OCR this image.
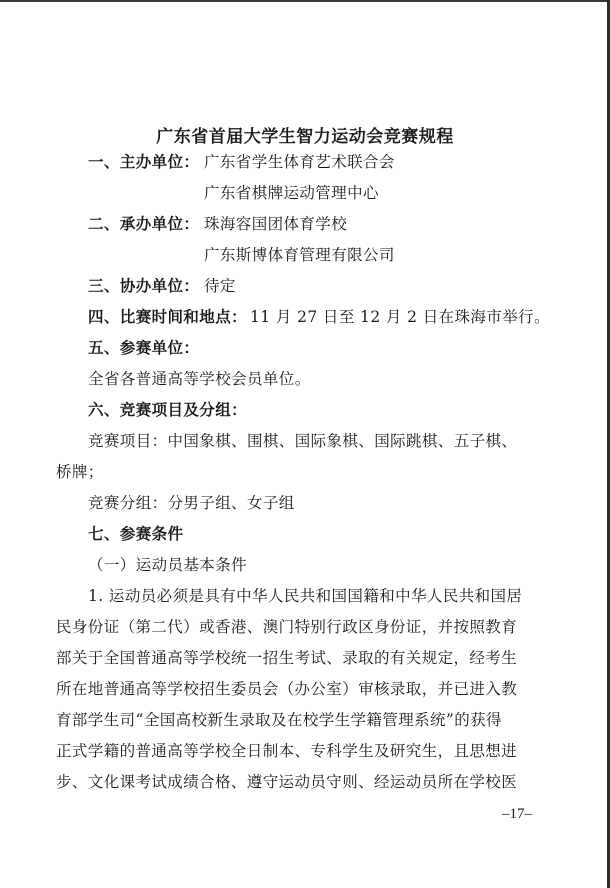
广东省首届大学生智力运动会竞赛规程
一、主办单位： 广东省学生体育艺术联合会
广东省棋牌运动管理中心
二、承办单位： 珠海容国团体育学校
广东斯博体育管理有限公司
三、协办单位： 待定
四、比赛时间和地点： 11 月 27 日至 12 月 2 日在珠海市举行。
五、参赛单位：
全省各普通高等学校会员单位。
六、竞赛项目及分组：
竞赛项目：中国象棋、围棋、国际象棋、国际跳棋、五子棋、
桥牌；
竞赛分组：分男子组、女子组
七、参赛条件
（一）运动员基本条件
1. 运动员必须是具有中华人民共和国国籍和中华人民共和国居
民身份证（第二代）或香港、澳门特别行政区身份证，并按照教育
部关于全国普通高等学校统一招生考试、录取的有关规定，经考生
所在地普通高等学校招生委员会（办公室）审核录取，并已进入教
育部学生司“全国高校新生录取及在校学生学籍管理系统”的获得
正式学籍的普通高等学校全日制本、专科学生及研究生，且思想进
步、文化课考试成绩合格、遵守运动员守则、经运动员所在学校医
–17–
